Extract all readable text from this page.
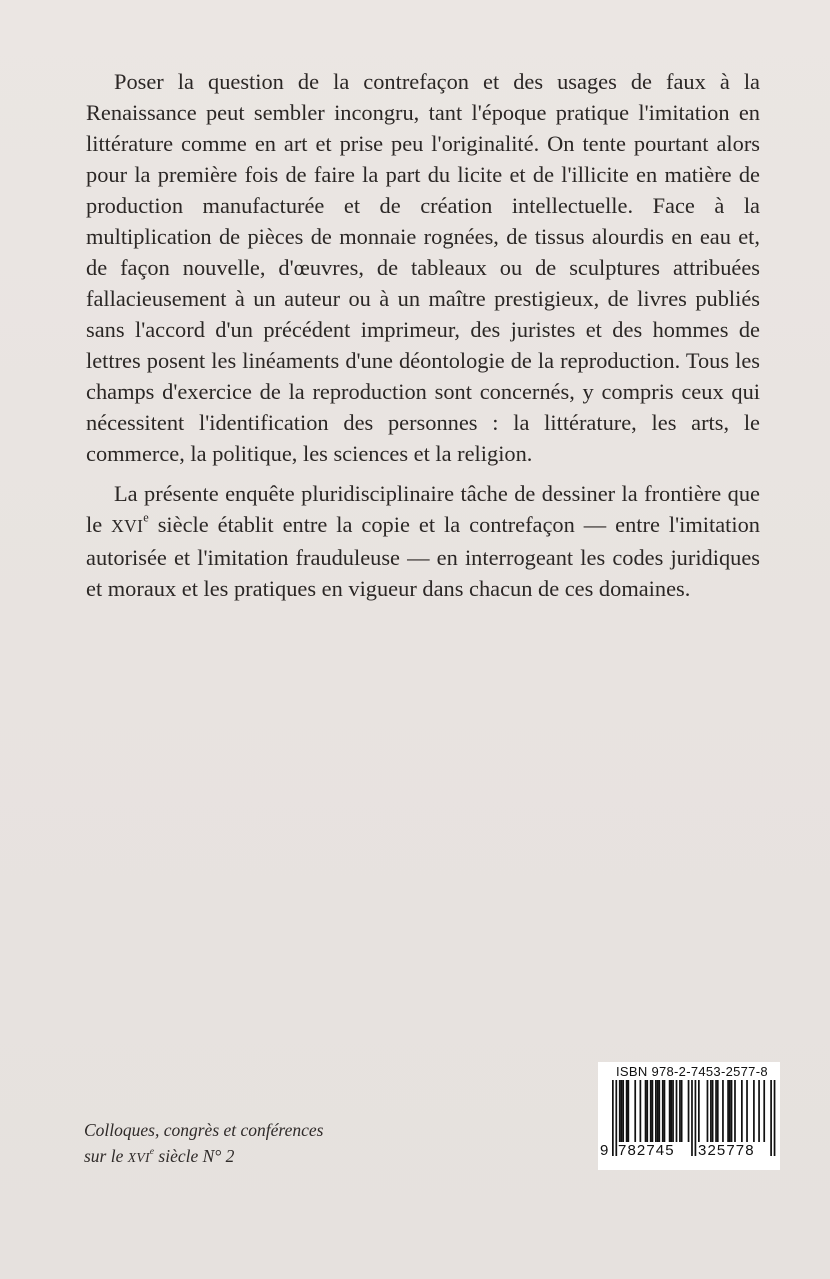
Poser la question de la contrefaçon et des usages de faux à la Renaissance peut sembler incongru, tant l'époque pratique l'imitation en littérature comme en art et prise peu l'originalité. On tente pourtant alors pour la première fois de faire la part du licite et de l'illicite en matière de production manufacturée et de création intellectuelle. Face à la multiplication de pièces de monnaie rognées, de tissus alourdis en eau et, de façon nouvelle, d'œuvres, de tableaux ou de sculptures attribuées fallacieusement à un auteur ou à un maître prestigieux, de livres publiés sans l'accord d'un précédent imprimeur, des juristes et des hommes de lettres posent les linéaments d'une déontologie de la reproduction. Tous les champs d'exercice de la reproduction sont concernés, y compris ceux qui nécessitent l'identification des personnes : la littérature, les arts, le commerce, la politique, les sciences et la religion.

La présente enquête pluridisciplinaire tâche de dessiner la frontière que le XVIe siècle établit entre la copie et la contrefaçon — entre l'imitation autorisée et l'imitation frauduleuse — en interrogeant les codes juridiques et moraux et les pratiques en vigueur dans chacun de ces domaines.

Colloques, congrès et conférences
sur le XVIe siècle N° 2
ISBN 978-2-7453-2577-8
9 782745 325778
